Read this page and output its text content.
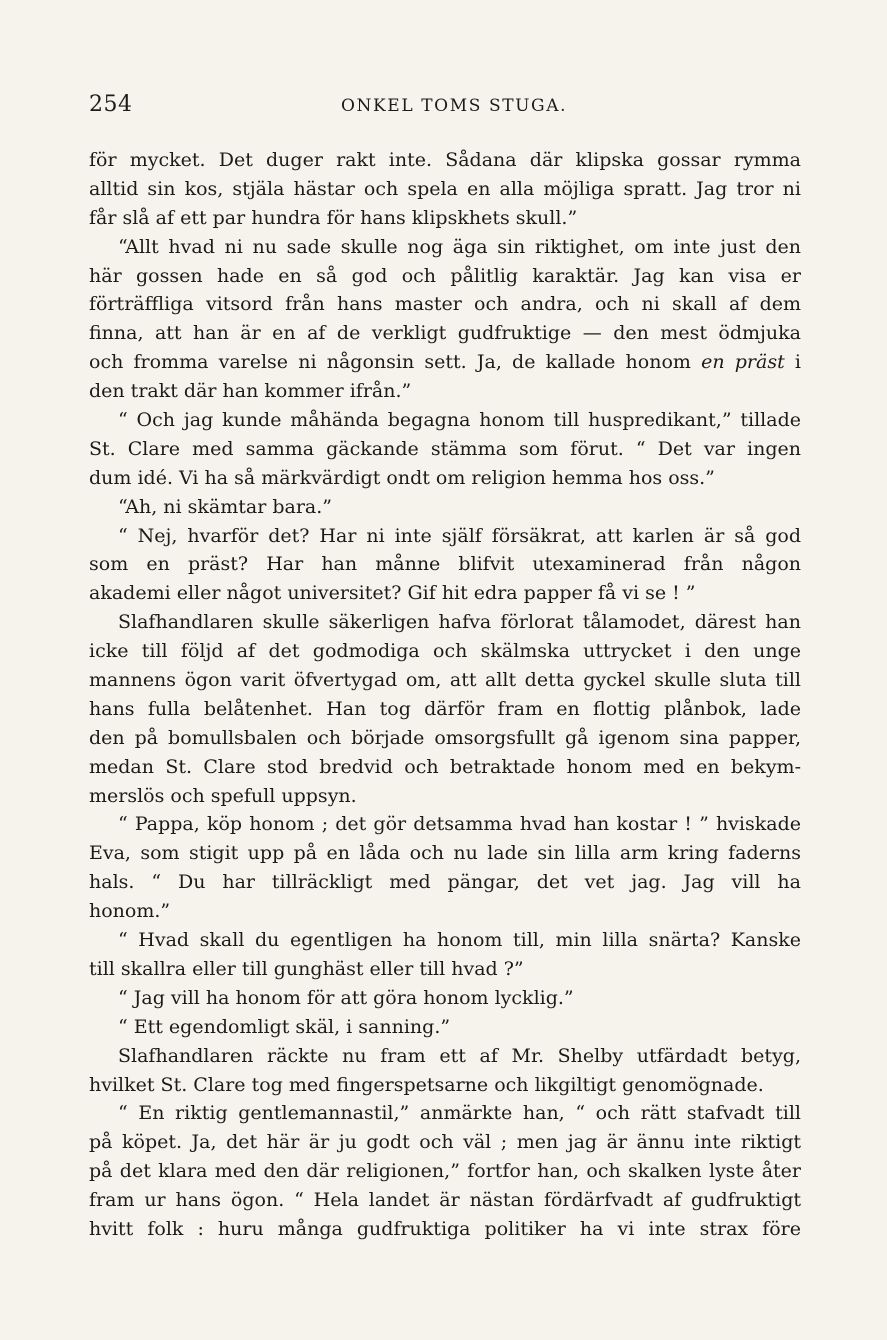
254	ONKEL TOMS STUGA.
för mycket. Det duger rakt inte. Sådana där klipska gossar rymma
alltid sin kos, stjäla hästar och spela en alla möjliga spratt. Jag tror ni
får slå af ett par hundra för hans klipskhets skull.”
“Allt hvad ni nu sade skulle nog äga sin riktighet, om inte just den
här gossen hade en så god och pålitlig karaktär. Jag kan visa er
förträffliga vitsord från hans master och andra, och ni skall af dem
finna, att han är en af de verkligt gudfruktige — den mest ödmjuka
och fromma varelse ni någonsin sett. Ja, de kallade honom en präst i
den trakt där han kommer ifrån.”
“ Och jag kunde måhända begagna honom till huspredikant,” tillade
St. Clare med samma gäckande stämma som förut. “ Det var ingen
dum idé. Vi ha så märkvärdigt ondt om religion hemma hos oss.”
“Ah, ni skämtar bara.”
“ Nej, hvarför det? Har ni inte själf försäkrat, att karlen är så god
som en präst? Har han månne blifvit utexaminerad från någon
akademi eller något universitet? Gif hit edra papper få vi se ! ”
Slafhandlaren skulle säkerligen hafva förlorat tålamodet, därest han
icke till följd af det godmodiga och skälmska uttrycket i den unge
mannens ögon varit öfvertygad om, att allt detta gyckel skulle sluta till
hans fulla belåtenhet. Han tog därför fram en flottig plånbok, lade
den på bomullsbalen och började omsorgsfullt gå igenom sina papper,
medan St. Clare stod bredvid och betraktade honom med en bekym-
merslös och spefull uppsyn.
“ Pappa, köp honom ; det gör detsamma hvad han kostar ! ” hviskade
Eva, som stigit upp på en låda och nu lade sin lilla arm kring faderns
hals. “ Du har tillräckligt med pängar, det vet jag. Jag vill ha
honom.”
“ Hvad skall du egentligen ha honom till, min lilla snärta? Kanske
till skallra eller till gunghäst eller till hvad ?”
“ Jag vill ha honom för att göra honom lycklig.”
“ Ett egendomligt skäl, i sanning.”
Slafhandlaren räckte nu fram ett af Mr. Shelby utfärdadt betyg,
hvilket St. Clare tog med fingerspetsarne och likgiltigt genomögnade.
“ En riktig gentlemannastil,” anmärkte han, “ och rätt stafvadt till
på köpet. Ja, det här är ju godt och väl ; men jag är ännu inte riktigt
på det klara med den där religionen,” fortfor han, och skalken lyste åter
fram ur hans ögon. “ Hela landet är nästan fördärfvadt af gudfruktigt
hvitt folk : huru många gudfruktiga politiker ha vi inte strax före
